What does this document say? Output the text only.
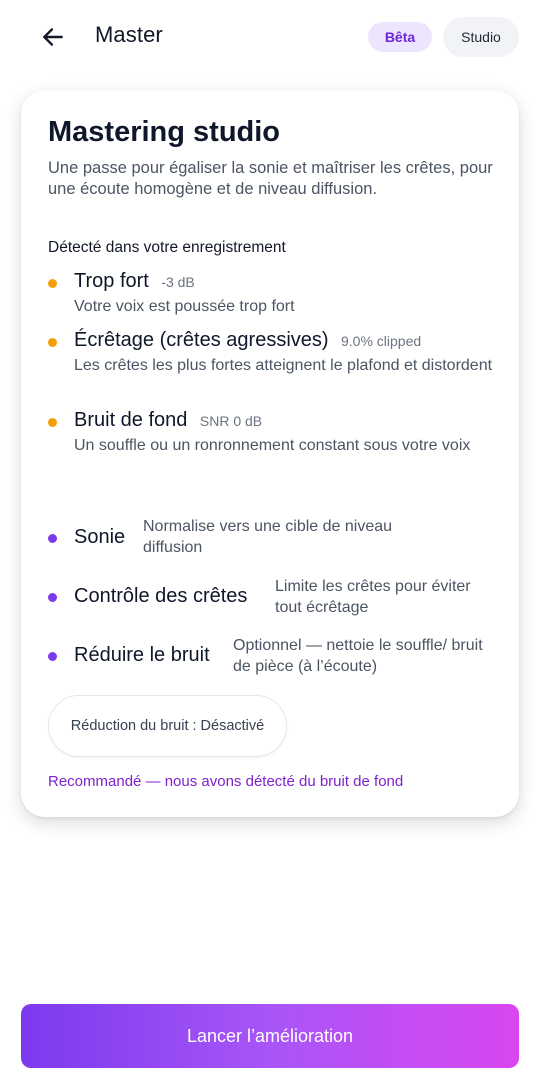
Master	Bêta	Studio
Mastering studio
Une passe pour égaliser la sonie et maîtriser les crêtes, pour une écoute homogène et de niveau diffusion.
Détecté dans votre enregistrement
Trop fort -3 dB
Votre voix est poussée trop fort
Écrêtage (crêtes agressives) 9.0% clipped
Les crêtes les plus fortes atteignent le plafond et distordent
Bruit de fond SNR 0 dB
Un souffle ou un ronronnement constant sous votre voix
Sonie Normalise vers une cible de niveau diffusion
Contrôle des crêtes Limite les crêtes pour éviter tout écrêtage
Réduire le bruit Optionnel — nettoie le souffle/ bruit de pièce (à l’écoute)
Réduction du bruit : Désactivé
Recommandé — nous avons détecté du bruit de fond
Lancer l’amélioration
